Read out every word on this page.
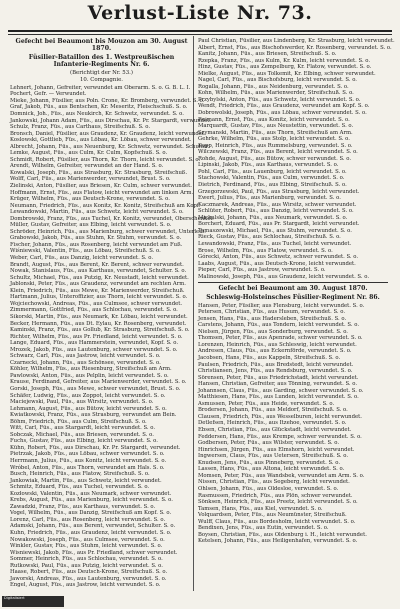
Verlust-Liste Nr. 73.
Gefecht bei Beaumont bis Mouzon am 30. August 1870.
Füsilier-Bataillon des 1. Westpreußischen Infanterie-Regiments Nr. 6.
(Berichtigt der Nr. 53.)
10. Compagnie.
Lehnert, Johann, Gefreiter, verwundet am Oberarm. S. o. G. B. L. I.
Pochert, Gefr. — Verwundet.
Mieke, Johann, Füsilier, aus Poln. Crone, Kr. Bromberg, verwundet. S. o.
Graf, Jakob, Füs., aus Bentschen, Kr. Meseritz, Fleischschuß. S. o.
Domnick, Joh., Füs., aus Neukirch, Kr. Schwetz, verwundet. S. o.
Jankowski, Johann Adam, Füs., aus Dirschau, Kr. Pr. Stargardt, verwundet.
Schulz, Franz, Füs., aus Carthaus, Streifschuß. S. o.
Bronsch, Daniel, Füsilier, aus Graudenz, Kr. Graudenz, leicht verwundet.
Koslowski, Gottlieb, Füs., aus Löbau, Kr. Löbau, schwer verwundet.
Albrecht, Johann, Füs., aus Neuenburg, Kr. Schwetz, verwundet. Schulter.
Lemke, August, Füs., aus Culm, Kr. Culm, Kopfschuß. S. o.
Schmidt, Robert, Füsilier, aus Thorn, Kr. Thorn, leicht verwundet. S. o.
Arendt, Wilhelm, Gefreiter, verwundet an der Hand. S. o.
Kowalski, Joseph, Füs., aus Strasburg, Kr. Strasburg, Streifschuß.
Wolff, Carl, Füs., aus Marienwerder, verwundet, Brust. S. o.
Zielinski, Anton, Füsilier, aus Briesen, Kr. Culm, schwer verwundet.
Hoffmann, Ernst, Füs., aus Flatow, leicht verwundet am linken Arm.
Krüger, Wilhelm, Füs., aus Deutsch-Krone, verwundet. S. o.
Neumann, Friedrich, Füs., aus Konitz, Kr. Konitz, Streifschuß am Kopf.
Lewandowski, Martin, Füs., aus Schwetz, leicht verwundet. S. o.
Dombrowski, Franz, Füs., aus Tuchel, Kr. Konitz, verwundet, Oberschenkel.
Müller, Gustav, Gefreiter, aus Elbing, leicht verwundet. S. o.
Schröder, Heinrich, Füs., aus Marienburg, schwer verwundet, Unterleib.
Grabowski, Jakob, Füs., aus Stuhm, Kr. Stuhm, verwundet. S. o.
Fischer, Johann, Füs., aus Rosenberg, leicht verwundet am Fuß.
Wiśniewski, Valentin, Füs., aus Löbau, Streifschuß. S. o.
Weber, Carl, Füs., aus Danzig, leicht verwundet. S. o.
Brandt, August, Füs., aus Berent, Kr. Berent, schwer verwundet.
Nowak, Stanislaus, Füs., aus Karthaus, verwundet, Schulter. S. o.
Schultz, Michael, Füs., aus Putzig, Kr. Neustadt, leicht verwundet.
Jablonski, Peter, Füs., aus Graudenz, verwundet am rechten Arm.
Klein, Friedrich, Füs., aus Mewe, Kr. Marienwerder, Streifschuß.
Hartmann, Julius, Unteroffizier, aus Thorn, leicht verwundet. S. o.
Wojciechowski, Andreas, Füs., aus Culmsee, schwer verwundet.
Zimmermann, Gottfried, Füs., aus Schlochau, verwundet. S. o.
Sikorski, Martin, Füs., aus Neumark, Kr. Löbau, leicht verwundet.
Becker, Hermann, Füs., aus Dt. Eylau, Kr. Rosenberg, verwundet.
Kaminski, Franz, Füs., aus Gollub, Kr. Strasburg, Streifschuß. S. o.
Richter, Wilhelm, Füs., aus Pr. Friedland, leicht verwundet. S. o.
Lange, Eduard, Füs., aus Hammerstein, verwundet, Kopf. S. o.
Mrozek, Jakob, Füs., aus Lautenburg, schwer verwundet. S. o.
Schwarz, Carl, Füs., aus Jastrow, leicht verwundet. S. o.
Czarnecki, Johann, Füs., aus Schönsee, verwundet. S. o.
Köhler, Wilhelm, Füs., aus Riesenburg, Streifschuß am Arm.
Pawlowski, Anton, Füs., aus Pelplin, leicht verwundet. S. o.
Krause, Ferdinand, Gefreiter, aus Marienwerder, verwundet. S. o.
Gorski, Joseph, Füs., aus Mewe, schwer verwundet, Brust. S. o.
Schäfer, Ludwig, Füs., aus Zoppot, leicht verwundet. S. o.
Maciejewski, Paul, Füs., aus Wirsitz, verwundet. S. o.
Lehmann, August, Füs., aus Bütow, leicht verwundet. S. o.
Kwiatkowski, Franz, Füs., aus Strasburg, verwundet am Bein.
Böhm, Friedrich, Füs., aus Culm, Streifschuß. S. o.
Witt, Carl, Füs., aus Stargardt, leicht verwundet. S. o.
Sobczak, Michael, Füs., aus Briesen, verwundet. S. o.
Fuchs, Gustav, Füs., aus Elbing, leicht verwundet. S. o.
Kühn, Robert, Füs., aus Dirschau, Kr. Pr. Stargardt, verwundet.
Pietrzak, Jakob, Füs., aus Löbau, schwer verwundet. S. o.
Herrmann, Julius, Füs., aus Konitz, leicht verwundet. S. o.
Wróbel, Anton, Füs., aus Thorn, verwundet am Hals. S. o.
Busch, Heinrich, Füs., aus Flatow, Streifschuß. S. o.
Jankowiak, Martin, Füs., aus Schwetz, leicht verwundet.
Schmitz, Eduard, Füs., aus Tuchel, verwundet. S. o.
Kozłowski, Valentin, Füs., aus Neumark, schwer verwundet.
Krebs, August, Füs., aus Marienburg, leicht verwundet. S. o.
Zawadzki, Franz, Füs., aus Karthaus, verwundet. S. o.
Vogel, Wilhelm, Füs., aus Danzig, Streifschuß am Kopf. S. o.
Lorenz, Carl, Füs., aus Rosenberg, leicht verwundet. S. o.
Adamski, Johann, Füs., aus Berent, verwundet, Schulter. S. o.
Kuhn, Friedrich, Füs., aus Graudenz, leicht verwundet. S. o.
Nowakowski, Joseph, Füs., aus Culmsee, verwundet. S. o.
Winkler, Gustav, Füs., aus Stuhm, leicht verwundet. S. o.
Wisniewski, Jakob, Füs., aus Pr. Friedland, schwer verwundet.
Sommer, Heinrich, Füs., aus Schlochau, verwundet. S. o.
Rutkowski, Paul, Füs., aus Putzig, leicht verwundet. S. o.
Haase, Robert, Füs., aus Deutsch-Krone, Streifschuß. S. o.
Jaworski, Andreas, Füs., aus Lautenburg, verwundet. S. o.
Engel, August, Füs., aus Jastrow, leicht verwundet. S. o.
Paul Christian, Füsilier, aus Lindenberg, Kr. Strasburg, leicht verwundet.
Albert, Ernst, Füs., aus Bischofswerder, Kr. Rosenberg, verwundet. S. o.
Kanitz, Johann, Füs., aus Briesen, Streifschuß. S. o.
Rzepka, Franz, Füs., aus Kulm, Kr. Kulm, leicht verwundet. S. o.
Hinz, Gustav, Füs., aus Zempelburg, Kr. Flatow, verwundet. S. o.
Mielke, August, Füs., aus Tolkemit, Kr. Elbing, schwer verwundet.
Nagel, Carl, Füs., aus Bischofsburg, leicht verwundet. S. o.
Rogalla, Johann, Füs., aus Neidenburg, verwundet. S. o.
Kohn, Wilhelm, Füs., aus Marienwerder, Streifschuß. S. o.
Przybylski, Anton, Füs., aus Schwetz, leicht verwundet. S. o.
Wendt, Friedrich, Füs., aus Graudenz, verwundet am Kopf. S. o.
Dobrowolski, Joseph, Füs., aus Löbau, schwer verwundet. S. o.
Reimann, Ernst, Füs., aus Konitz, leicht verwundet. S. o.
Marquardt, Gustav, Füs., aus Neustettin, verwundet. S. o.
Szymanski, Martin, Füs., aus Thorn, Streifschuß am Arm.
Gehrke, Wilhelm, Füs., aus Stolp, leicht verwundet. S. o.
Kopp, Heinrich, Füs., aus Rummelsburg, verwundet. S. o.
Wilczewski, Franz, Füs., aus Berent, leicht verwundet. S. o.
Rohde, August, Füs., aus Bütow, schwer verwundet. S. o.
Lipinski, Jakob, Füs., aus Karthaus, verwundet. S. o.
Pohl, Carl, Füs., aus Lauenburg, leicht verwundet. S. o.
Stachowski, Valentin, Füs., aus Culm, verwundet. S. o.
Dietrich, Ferdinand, Füs., aus Elbing, Streifschuß. S. o.
Grzegorzewski, Paul, Füs., aus Strasburg, leicht verwundet.
Ewert, Julius, Füs., aus Marienburg, verwundet. S. o.
Kaczmarek, Andreas, Füs., aus Wirsitz, schwer verwundet.
Schlüter, Robert, Füs., aus Danzig, leicht verwundet. S. o.
Michalski, Johann, Füs., aus Neumark, verwundet. S. o.
Borchert, Eduard, Füs., aus Pr. Stargardt, leicht verwundet.
Tomaszewski, Michael, Füs., aus Stuhm, verwundet. S. o.
Rieck, Gustav, Füs., aus Schlochau, Streifschuß. S. o.
Lewandowski, Franz, Füs., aus Tuchel, leicht verwundet.
Brose, Wilhelm, Füs., aus Flatow, verwundet. S. o.
Górecki, Anton, Füs., aus Schwetz, schwer verwundet. S. o.
Laabs, August, Füs., aus Deutsch-Krone, leicht verwundet.
Pieper, Carl, Füs., aus Jastrow, verwundet. S. o.
Malinowski, Joseph, Füs., aus Graudenz, leicht verwundet. S. o.
Gefecht bei Beaumont am 30. August 1870.
Schleswig-Holsteinsches Füsilier-Regiment Nr. 86.
Hansen, Peter, Füsilier, aus Flensburg, leicht verwundet. S. o.
Petersen, Christian, Füs., aus Husum, verwundet. S. o.
Jensen, Hans, Füs., aus Hadersleben, Streifschuß. S. o.
Carstens, Johann, Füs., aus Tondern, leicht verwundet. S. o.
Nielsen, Jürgen, Füs., aus Sonderburg, verwundet. S. o.
Thomsen, Peter, Füs., aus Apenrade, schwer verwundet. S. o.
Lorenzen, Heinrich, Füs., aus Schleswig, leicht verwundet.
Andresen, Claus, Füs., aus Eckernförde, verwundet. S. o.
Jacobsen, Hans, Füs., aus Kappeln, Streifschuß. S. o.
Paulsen, Friedrich, Füs., aus Bredstedt, leicht verwundet.
Christiansen, Jens, Füs., aus Rendsburg, verwundet. S. o.
Sörensen, Peter, Füs., aus Friedrichstadt, leicht verwundet.
Hansen, Christian, Gefreiter, aus Tönning, verwundet. S. o.
Johannsen, Claus, Füs., aus Garding, schwer verwundet. S. o.
Matthiesen, Hans, Füs., aus Lunden, leicht verwundet. S. o.
Asmussen, Peter, Füs., aus Heide, verwundet. S. o.
Brodersen, Johann, Füs., aus Meldorf, Streifschuß. S. o.
Clausen, Friedrich, Füs., aus Wesselburen, leicht verwundet.
Detlefsen, Heinrich, Füs., aus Itzehoe, verwundet. S. o.
Ebsen, Christian, Füs., aus Glückstadt, leicht verwundet.
Feddersen, Hans, Füs., aus Krempe, schwer verwundet. S. o.
Godbersen, Peter, Füs., aus Wilster, verwundet. S. o.
Hinrichsen, Jürgen, Füs., aus Elmshorn, leicht verwundet.
Ingwersen, Claus, Füs., aus Uetersen, Streifschuß. S. o.
Knudsen, Jens, Füs., aus Pinneberg, verwundet. S. o.
Lassen, Hans, Füs., aus Altona, leicht verwundet. S. o.
Momsen, Peter, Füs., aus Wandsbek, verwundet am Arm. S. o.
Nissen, Christian, Füs., aus Segeberg, leicht verwundet.
Ohlsen, Johann, Füs., aus Oldesloe, verwundet. S. o.
Rasmussen, Friedrich, Füs., aus Plön, schwer verwundet.
Sönksen, Heinrich, Füs., aus Preetz, leicht verwundet. S. o.
Tamsen, Hans, Füs., aus Kiel, verwundet. S. o.
Volquardsen, Peter, Füs., aus Neumünster, Streifschuß.
Wulff, Claus, Füs., aus Bordesholm, leicht verwundet. S. o.
Bendixen, Jens, Füs., aus Eutin, verwundet. S. o.
Boysen, Christian, Füs., aus Oldenburg i. H., leicht verwundet.
Ketelsen, Johann, Füs., aus Heiligenhafen, verwundet. S. o.
Digitalisiert
